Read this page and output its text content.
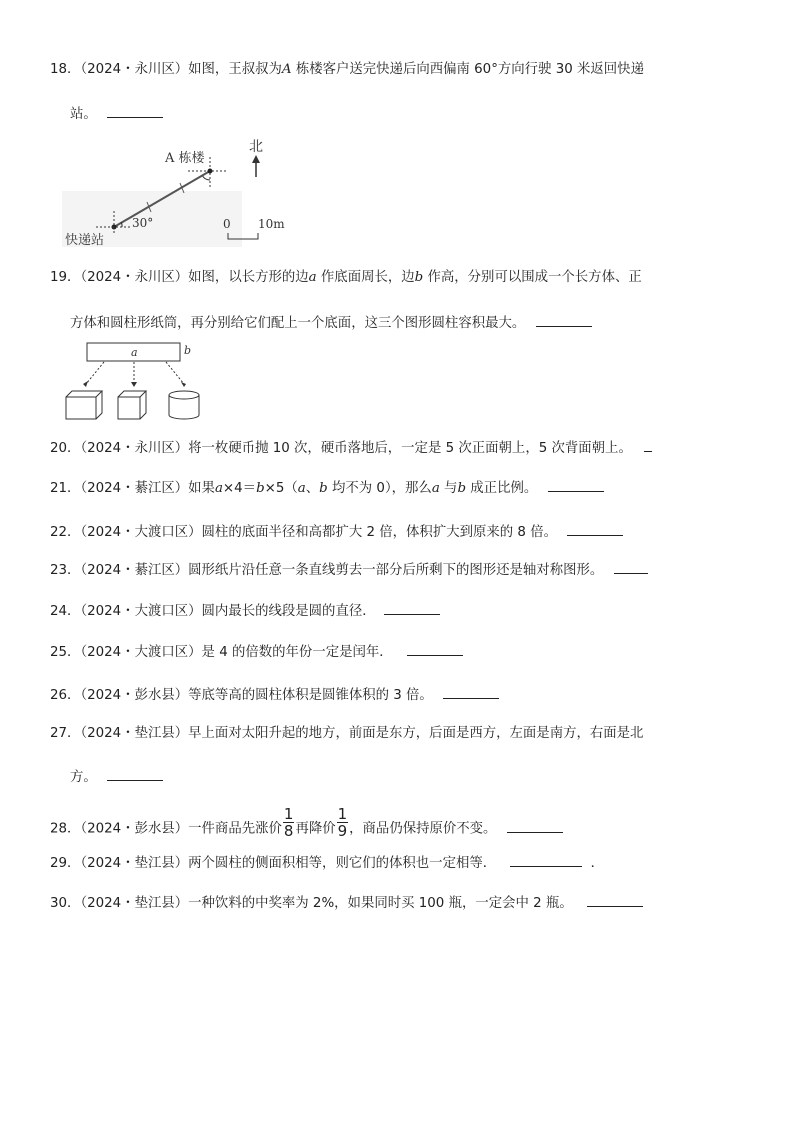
18．（2024・永川区）如图，王叔叔为A 栋楼客户送完快递后向西偏南 60°方向行驶 30 米返回快递
站。
A 栋楼
30°
快递站
北
0 10m
19．（2024・永川区）如图，以长方形的边a 作底面周长，边b 作高，分别可以围成一个长方体、正
方体和圆柱形纸筒，再分别给它们配上一个底面，这三个图形圆柱容积最大。
a	b
20．（2024・永川区）将一枚硬币抛 10 次，硬币落地后，一定是 5 次正面朝上，5 次背面朝上。
21．（2024・綦江区）如果a×4＝b×5（a、b 均不为 0），那么a 与b 成正比例。
22．（2024・大渡口区）圆柱的底面半径和高都扩大 2 倍，体积扩大到原来的 8 倍。
23．（2024・綦江区）圆形纸片沿任意一条直线剪去一部分后所剩下的图形还是轴对称图形。
24．（2024・大渡口区）圆内最长的线段是圆的直径．
25．（2024・大渡口区）是 4 的倍数的年份一定是闰年．
26．（2024・彭水县）等底等高的圆柱体积是圆锥体积的 3 倍。
27．（2024・垫江县）早上面对太阳升起的地方，前面是东方，后面是西方，左面是南方，右面是北
方。
28．（2024・彭水县）一件商品先涨价 $\frac{1}{8}$ 再降价 $\frac{1}{9}$ ，商品仍保持原价不变。
29．（2024・垫江县）两个圆柱的侧面积相等，则它们的体积也一定相等．	．
30．（2024・垫江县）一种饮料的中奖率为 2%，如果同时买 100 瓶，一定会中 2 瓶。
